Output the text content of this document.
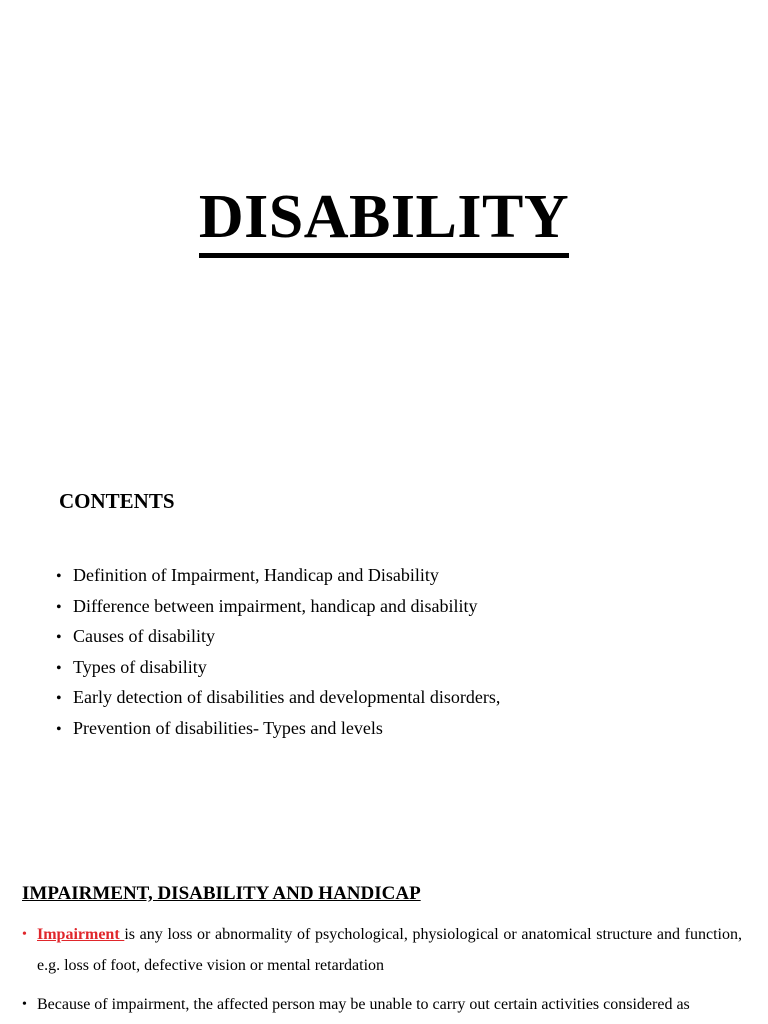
DISABILITY
CONTENTS
• Definition of Impairment, Handicap and Disability
• Difference between impairment, handicap and disability
• Causes of disability
• Types of disability
• Early detection of disabilities and developmental disorders,
• Prevention of disabilities- Types and levels
IMPAIRMENT, DISABILITY AND HANDICAP

• Impairment is any loss or abnormality of psychological, physiological or anatomical structure and function, e.g. loss of foot, defective vision or mental retardation

• Because of impairment, the affected person may be unable to carry out certain activities considered as
